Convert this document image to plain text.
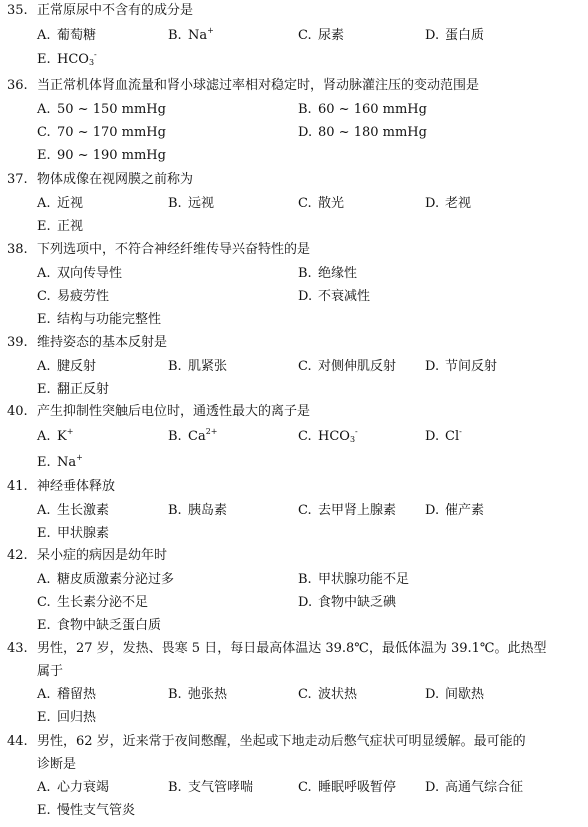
35. 正常原尿中不含有的成分是
A. 葡萄糖	B. Na+	C. 尿素	D. 蛋白质
E. $HCO_3^-$
36. 当正常机体肾血流量和肾小球滤过率相对稳定时，肾动脉灌注压的变动范围是
A. 50 ~ 150 mmHg	B. 60 ~ 160 mmHg
C. 70 ~ 170 mmHg	D. 80 ~ 180 mmHg
E. 90 ~ 190 mmHg
37. 物体成像在视网膜之前称为
A. 近视	B. 远视	C. 散光	D. 老视
E. 正视
38. 下列选项中，不符合神经纤维传导兴奋特性的是
A. 双向传导性	B. 绝缘性
C. 易疲劳性	D. 不衰减性
E. 结构与功能完整性
39. 维持姿态的基本反射是
A. 腱反射	B. 肌紧张	C. 对侧伸肌反射 D. 节间反射
E. 翻正反射
40. 产生抑制性突触后电位时，通透性最大的离子是
A. K+	B. $Ca^{2+}$	C. $HCO_3^-$	D. Cl-
E. Na+
41. 神经垂体释放
A. 生长激素	B. 胰岛素	C. 去甲肾上腺素 D. 催产素
E. 甲状腺素
42. 呆小症的病因是幼年时
A. 糖皮质激素分泌过多	B. 甲状腺功能不足
C. 生长素分泌不足	D. 食物中缺乏碘
E. 食物中缺乏蛋白质
43. 男性，27 岁，发热、畏寒 5 日，每日最高体温达 39.8℃，最低体温为 39.1℃。此热型
属于
A. 稽留热	B. 弛张热	C. 波状热	D. 间歇热
E. 回归热
44. 男性，62 岁，近来常于夜间憋醒，坐起或下地走动后憋气症状可明显缓解。最可能的
诊断是
A. 心力衰竭	B. 支气管哮喘	C. 睡眠呼吸暂停 D. 高通气综合征
E. 慢性支气管炎
